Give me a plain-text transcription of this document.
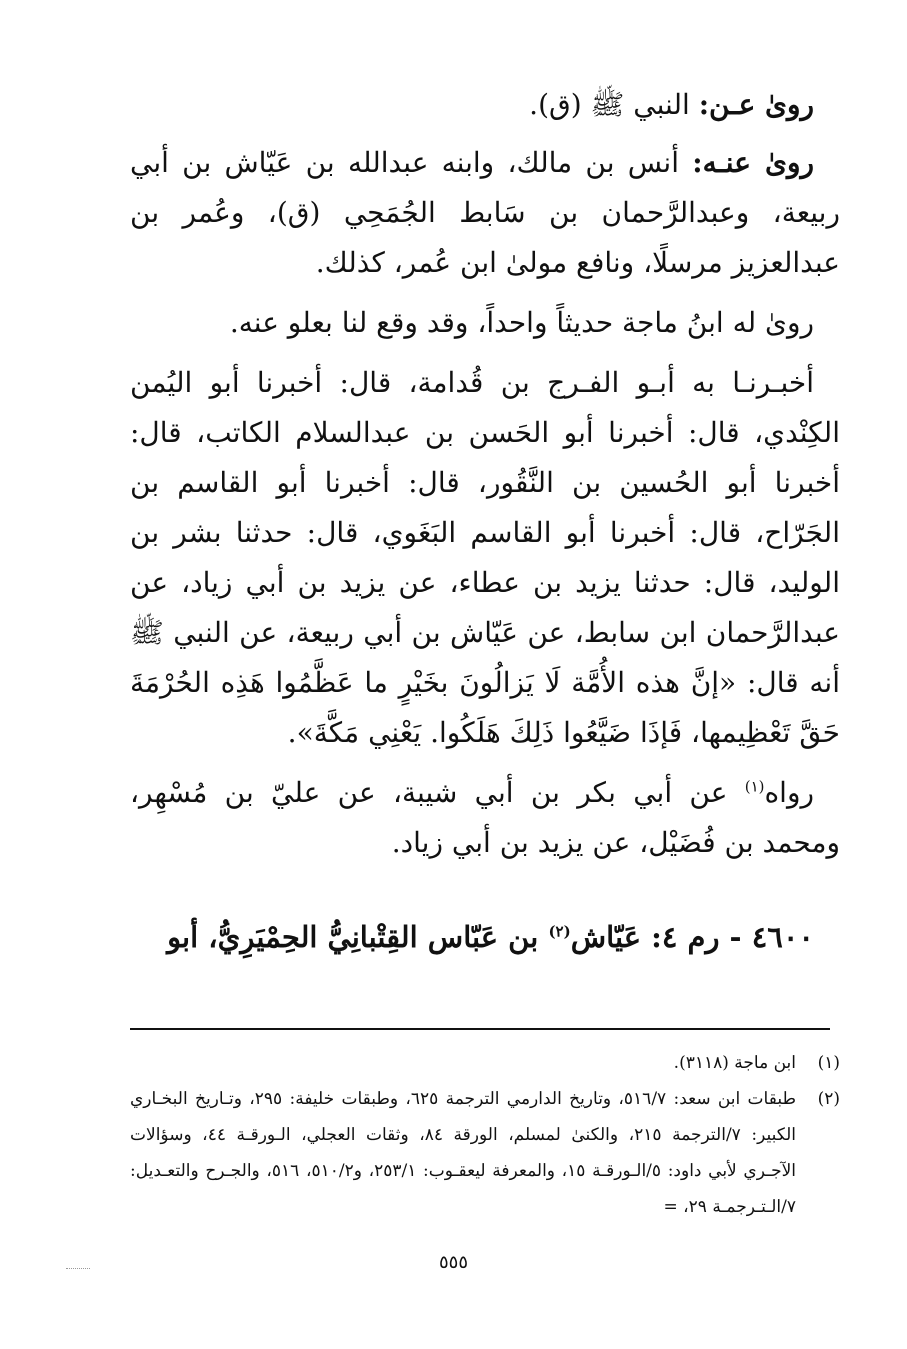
روىٰ عـن: النبي ﷺ (ق).

روىٰ عنـه: أنس بن مالك، وابنه عبدالله بن عَيّاش بن أبي ربيعة، وعبدالرَّحمان بن سَابط الجُمَحِي (ق)، وعُمر بن عبدالعزيز مرسلًا، ونافع مولىٰ ابن عُمر، كذلك.

روىٰ له ابنُ ماجة حديثاً واحداً، وقد وقع لنا بعلو عنه.

أخبـرنـا به أبـو الفـرج بن قُدامة، قال: أخبرنا أبو اليُمن الكِنْدي، قال: أخبرنا أبو الحَسن بن عبدالسلام الكاتب، قال: أخبرنا أبو الحُسين بن النَّقُور، قال: أخبرنا أبو القاسم بن الجَرّاح، قال: أخبرنا أبو القاسم البَغَوي، قال: حدثنا بشر بن الوليد، قال: حدثنا يزيد بن عطاء، عن يزيد بن أبي زياد، عن عبدالرَّحمان ابن سابط، عن عَيّاش بن أبي ربيعة، عن النبي ﷺ أنه قال: «إنَّ هذه الأُمَّة لَا يَزالُونَ بخَيْرٍ ما عَظَّمُوا هَذِه الحُرْمَةَ حَقَّ تَعْظِيمها، فَإذَا ضَيَّعُوا ذَلِكَ هَلَكُوا. يَعْنِي مَكَّةَ».

رواه$^{(١)}$ عن أبي بكر بن أبي شيبة، عن عليّ بن مُسْهِر، ومحمد بن فُضَيْل، عن يزيد بن أبي زياد.

٤٦٠٠ - رم ٤: عَيّاش$^{(٢)}$ بن عَبّاس القِتْبانِيُّ الحِمْيَرِيُّ، أبو

(١)
ابن ماجة (٣١١٨).
(٢)
طبقات ابن سعد: ٥١٦/٧، وتاريخ الدارمي الترجمة ٦٢٥، وطبقات خليفة: ٢٩٥، وتـاريخ البخـاري الكبير: ٧/الترجمة ٢١٥، والكنىٰ لمسلم، الورقة ٨٤، وثقات العجلي، الـورقـة ٤٤، وسؤالات الآجـري لأبي داود: ٥/الـورقـة ١٥، والمعرفة ليعقـوب: ٢٥٣/١، و٥١٠/٢، ٥١٦، والجـرح والتعـديل: ٧/الـتـرجمـة ٢٩، =
٥٥٥
